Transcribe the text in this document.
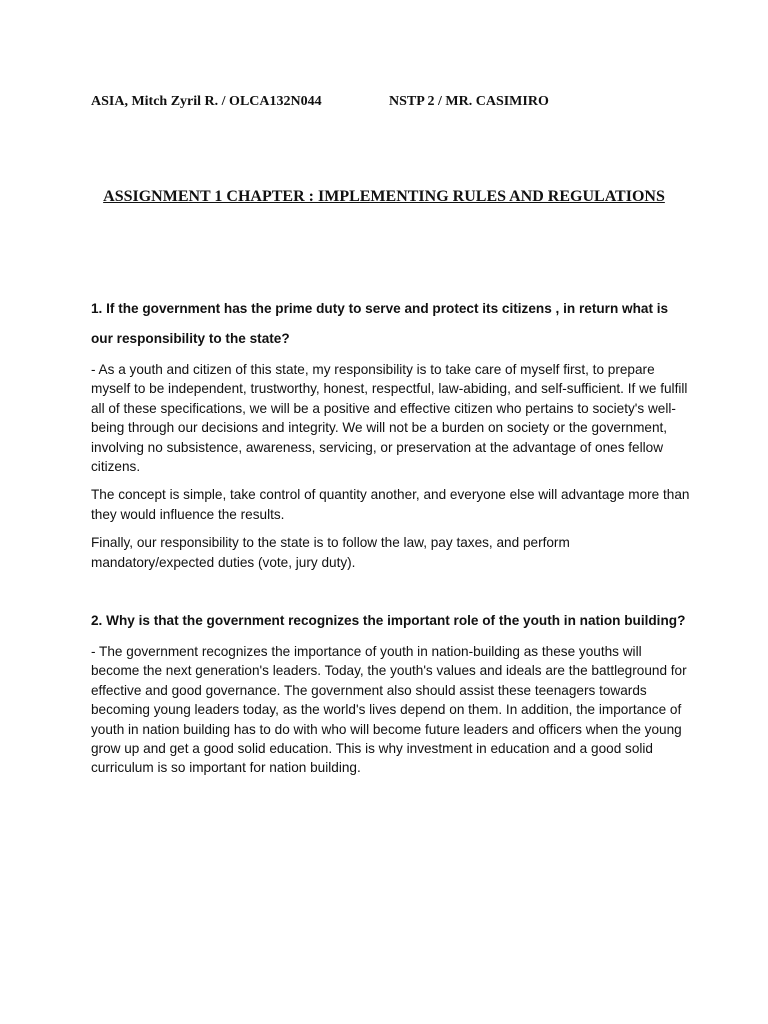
ASIA, Mitch Zyril R. / OLCA132N044	NSTP 2 / MR. CASIMIRO
ASSIGNMENT 1 CHAPTER : IMPLEMENTING RULES AND REGULATIONS

1. If the government has the prime duty to serve and protect its citizens , in return what is our responsibility to the state?

- As a youth and citizen of this state, my responsibility is to take care of myself first, to prepare myself to be independent, trustworthy, honest, respectful, law-abiding, and self-sufficient. If we fulfill all of these specifications, we will be a positive and effective citizen who pertains to society's well-being through our decisions and integrity. We will not be a burden on society or the government, involving no subsistence, awareness, servicing, or preservation at the advantage of ones fellow citizens.

The concept is simple, take control of quantity another, and everyone else will advantage more than they would influence the results.

Finally, our responsibility to the state is to follow the law, pay taxes, and perform mandatory/expected duties (vote, jury duty).

2. Why is that the government recognizes the important role of the youth in nation building?

- The government recognizes the importance of youth in nation-building as these youths will become the next generation's leaders. Today, the youth's values and ideals are the battleground for effective and good governance. The government also should assist these teenagers towards becoming young leaders today, as the world's lives depend on them. In addition, the importance of youth in nation building has to do with who will become future leaders and officers when the young grow up and get a good solid education. This is why investment in education and a good solid curriculum is so important for nation building.
